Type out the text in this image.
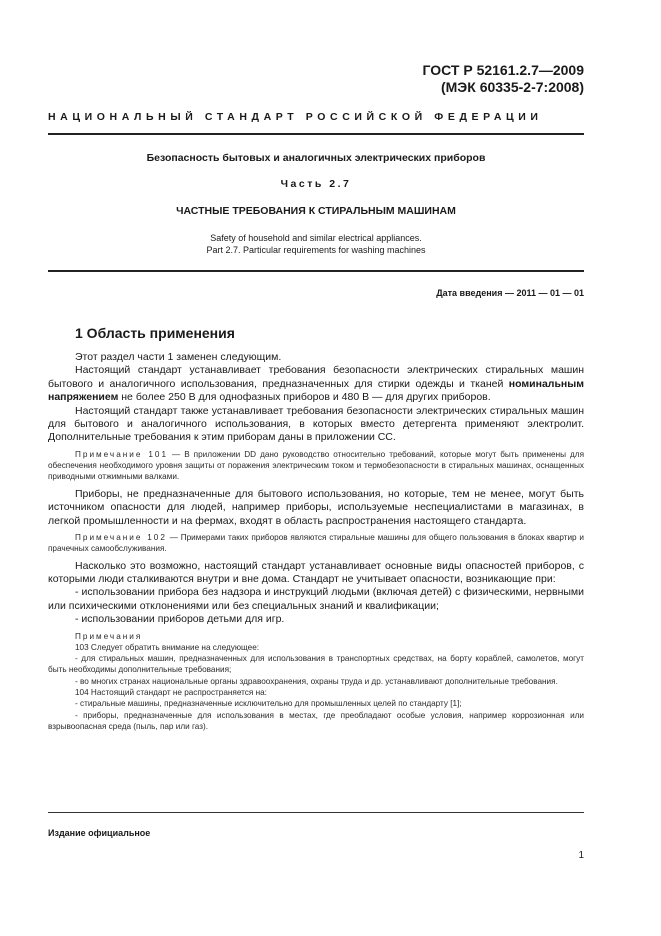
ГОСТ Р 52161.2.7—2009
(МЭК 60335-2-7:2008)
НАЦИОНАЛЬНЫЙ СТАНДАРТ РОССИЙСКОЙ ФЕДЕРАЦИИ
Безопасность бытовых и аналогичных электрических приборов
Часть 2.7
ЧАСТНЫЕ ТРЕБОВАНИЯ К СТИРАЛЬНЫМ МАШИНАМ
Safety of household and similar electrical appliances.
Part 2.7. Particular requirements for washing machines
Дата введения — 2011 — 01 — 01
1 Область применения

Этот раздел части 1 заменен следующим.

Настоящий стандарт устанавливает требования безопасности электрических стиральных машин бытового и аналогичного использования, предназначенных для стирки одежды и тканей номинальным напряжением не более 250 В для однофазных приборов и 480 В — для других приборов.

Настоящий стандарт также устанавливает требования безопасности электрических стиральных машин для бытового и аналогичного использования, в которых вместо детергента применяют электролит. Дополнительные требования к этим приборам даны в приложении СС.

Примечание 101 — В приложении DD дано руководство относительно требований, которые могут быть применены для обеспечения необходимого уровня защиты от поражения электрическим током и термобезопасности в стиральных машинах, оснащенных приводными отжимными валками.

Приборы, не предназначенные для бытового использования, но которые, тем не менее, могут быть источником опасности для людей, например приборы, используемые неспециалистами в магазинах, в легкой промышленности и на фермах, входят в область распространения настоящего стандарта.

Примечание 102 — Примерами таких приборов являются стиральные машины для общего пользования в блоках квартир и прачечных самообслуживания.

Насколько это возможно, настоящий стандарт устанавливает основные виды опасностей приборов, с которыми люди сталкиваются внутри и вне дома. Стандарт не учитывает опасности, возникающие при:

- использовании прибора без надзора и инструкций людьми (включая детей) с физическими, нервными или психическими отклонениями или без специальных знаний и квалификации;

- использовании приборов детьми для игр.

Примечания

103 Следует обратить внимание на следующее:

- для стиральных машин, предназначенных для использования в транспортных средствах, на борту кораблей, самолетов, могут быть необходимы дополнительные требования;

- во многих странах национальные органы здравоохранения, охраны труда и др. устанавливают дополнительные требования.

104 Настоящий стандарт не распространяется на:

- стиральные машины, предназначенные исключительно для промышленных целей по стандарту [1];

- приборы, предназначенные для использования в местах, где преобладают особые условия, например коррозионная или взрывоопасная среда (пыль, пар или газ).

Издание официальное
1
